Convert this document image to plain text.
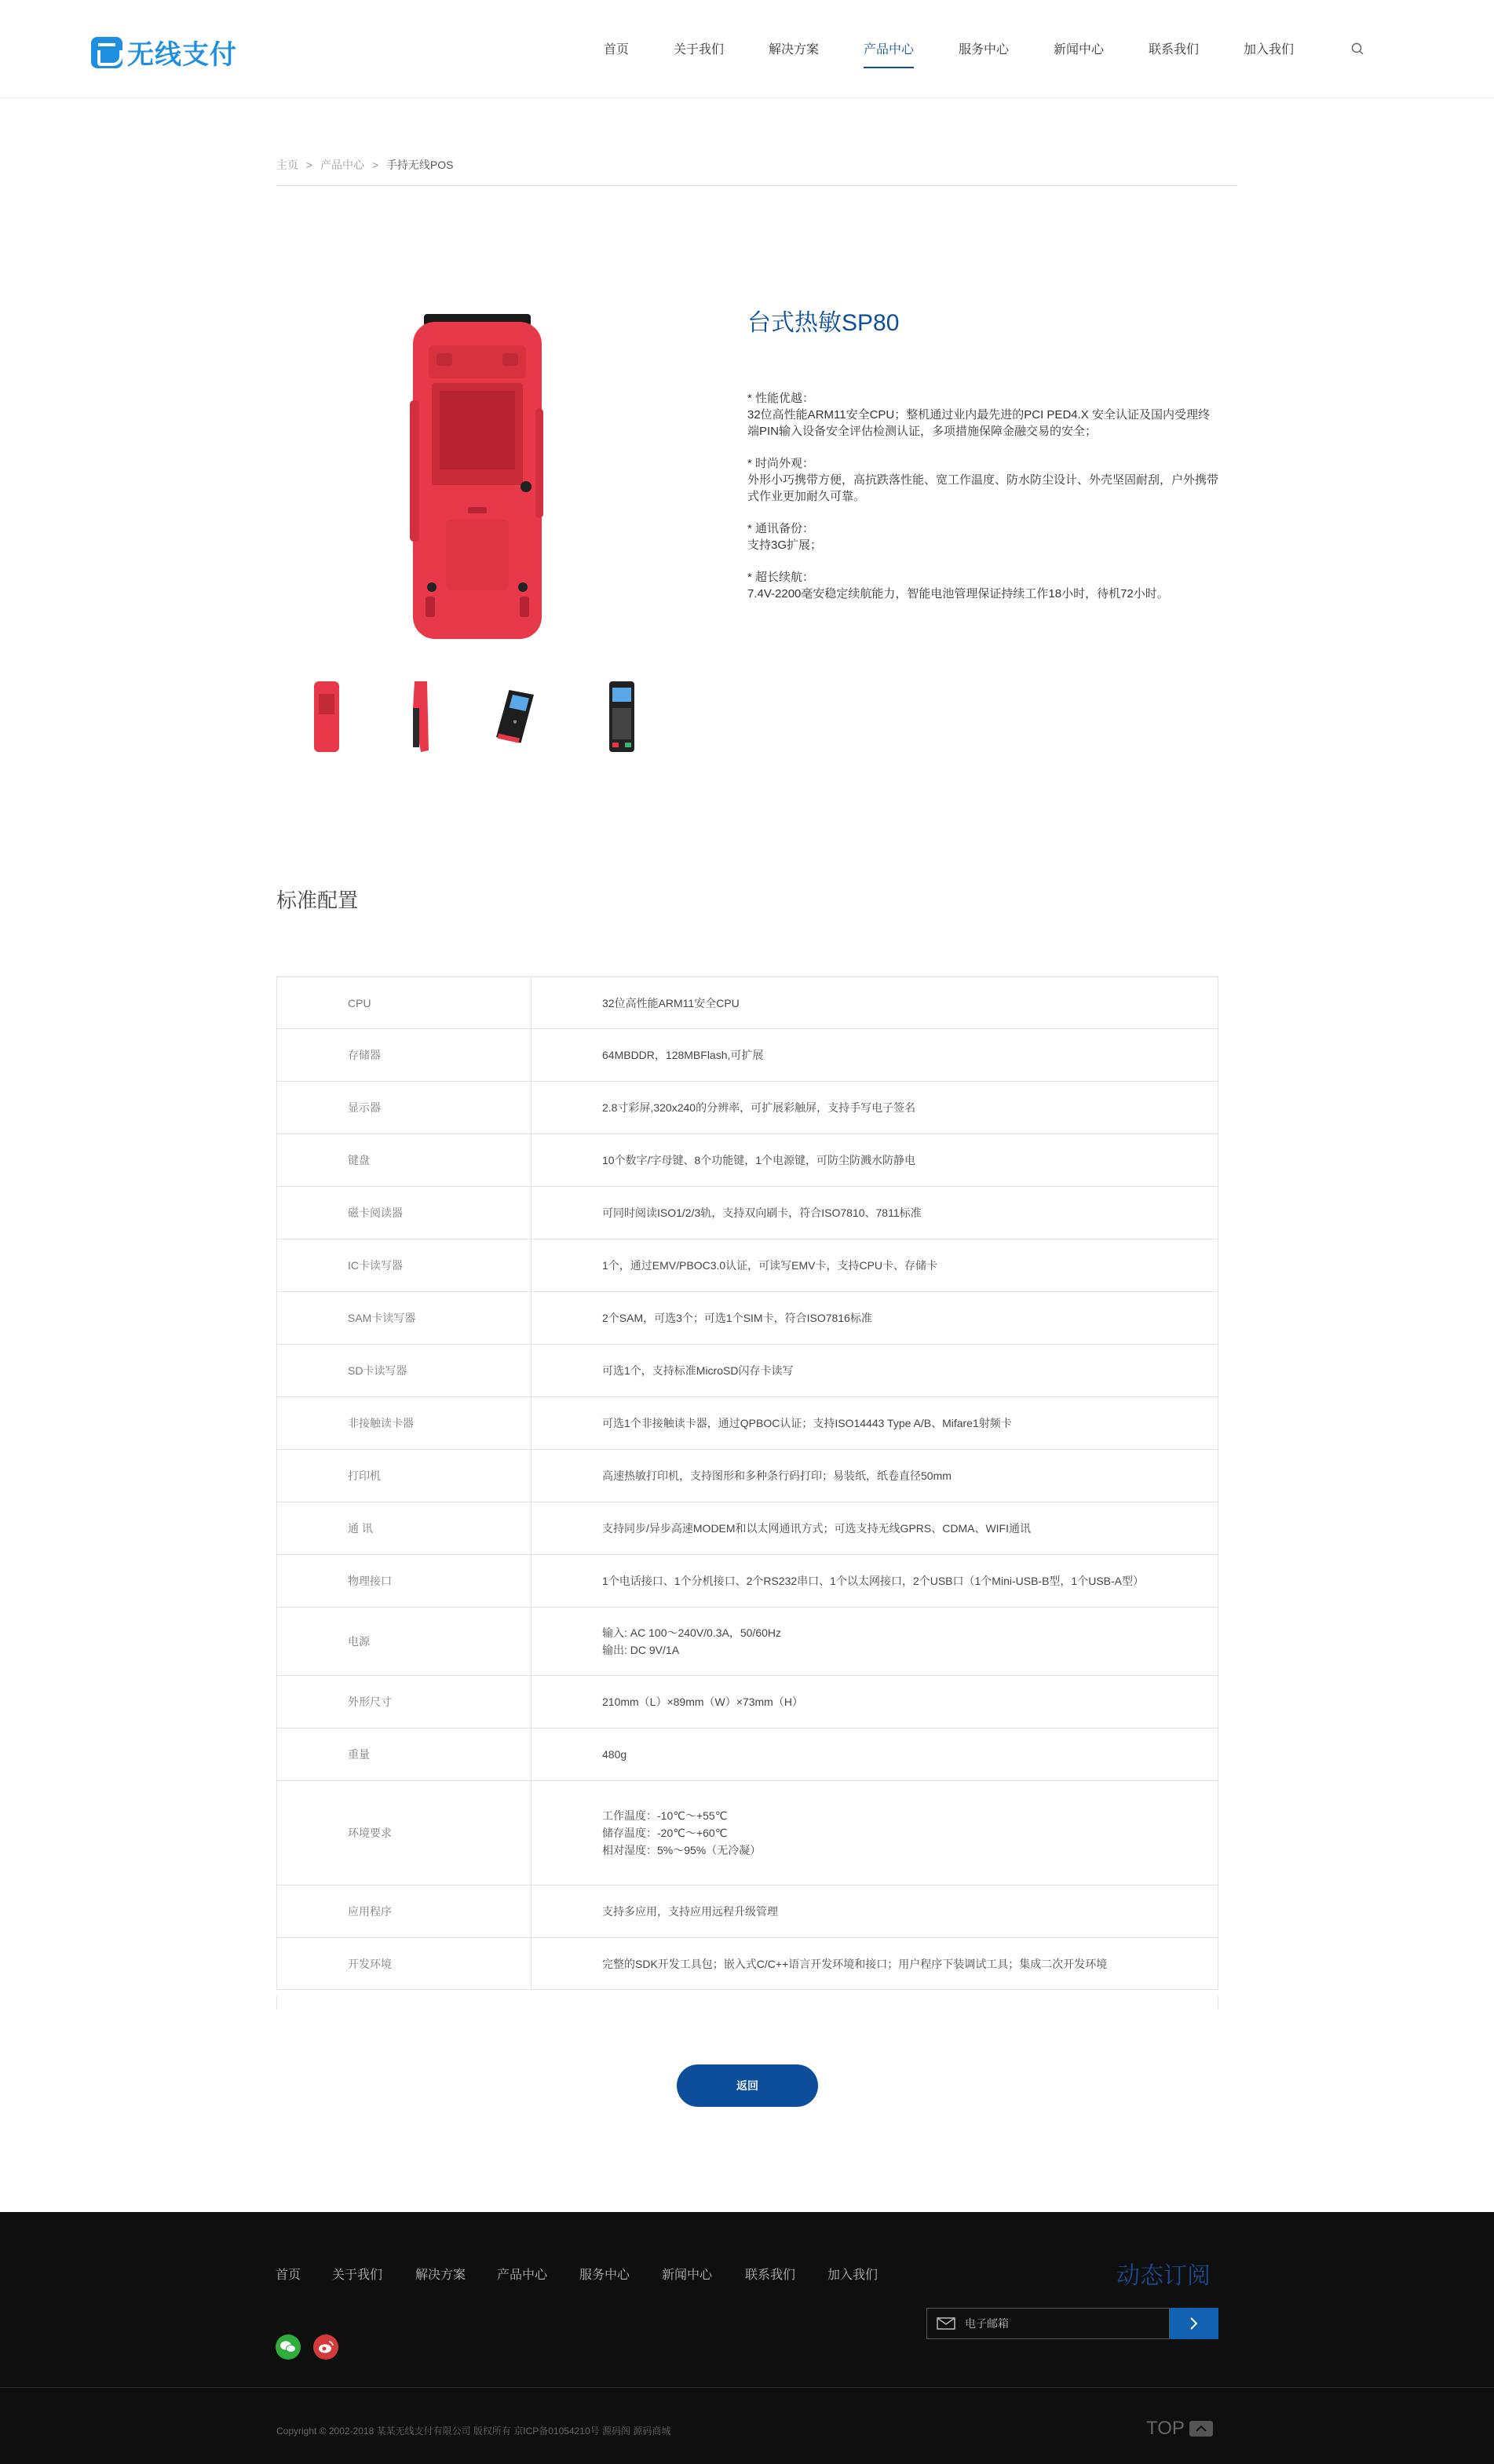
无线支付	首页	关于我们	解决方案	产品中心	服务中心	新闻中心	联系我们	加入我们
主页 > 产品中心 > 手持无线POS
台式热敏SP80
* 性能优越：
32位高性能ARM11安全CPU；整机通过业内最先进的PCI PED4.X 安全认证及国内受理终端PIN输入设备安全评估检测认证，多项措施保障金融交易的安全；
* 时尚外观：
外形小巧携带方便，高抗跌落性能、宽工作温度、防水防尘设计、外壳坚固耐刮，户外携带式作业更加耐久可靠。
* 通讯备份：
支持3G扩展；
* 超长续航：
7.4V-2200毫安稳定续航能力，智能电池管理保证持续工作18小时，待机72小时。
标准配置
CPU	32位高性能ARM11安全CPU
存储器	64MBDDR，128MBFlash,可扩展
显示器	2.8寸彩屏,320x240的分辨率，可扩展彩触屏，支持手写电子签名
键盘	10个数字/字母键、8个功能键，1个电源键，可防尘防溅水防静电
磁卡阅读器	可同时阅读ISO1/2/3轨，支持双向刷卡，符合ISO7810、7811标准
IC卡读写器	1个，通过EMV/PBOC3.0认证，可读写EMV卡，支持CPU卡、存储卡
SAM卡读写器	2个SAM，可选3个；可选1个SIM卡，符合ISO7816标准
SD卡读写器	可选1个，支持标准MicroSD闪存卡读写
非接触读卡器	可选1个非接触读卡器，通过QPBOC认证；支持ISO14443 Type A/B、Mifare1射频卡
打印机	高速热敏打印机，支持图形和多种条行码打印；易装纸，纸卷直径50mm
通 讯	支持同步/异步高速MODEM和以太网通讯方式；可选支持无线GPRS、CDMA、WIFI通讯
物理接口	1个电话接口、1个分机接口、2个RS232串口、1个以太网接口，2个USB口（1个Mini-USB-B型，1个USB-A型）
电源
输入: AC 100～240V/0.3A，50/60Hz
输出: DC 9V/1A
外形尺寸	210mm（L）×89mm（W）×73mm（H）
重量	480g
环境要求
工作温度：-10℃～+55℃
储存温度：-20℃～+60℃
相对湿度：5%～95%（无冷凝）
应用程序	支持多应用，支持应用远程升级管理
开发环境	完整的SDK开发工具包；嵌入式C/C++语言开发环境和接口；用户程序下装调试工具；集成二次开发环境
返回
首页 关于我们	解决方案 产品中心	服务中心	新闻中心	联系我们	加入我们	动态订阅
电子邮箱
Copyright © 2002-2018 某某无线支付有限公司 版权所有 京ICP备01054210号 源码阁 源码商城	TOP
